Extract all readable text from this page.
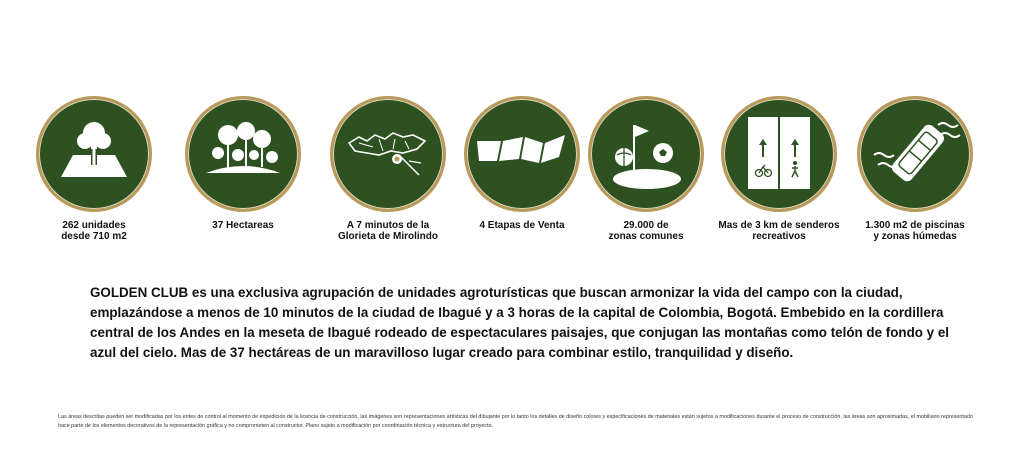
262 unidades
desde 710 m2
37 Hectareas	A 7 minutos de la
Glorieta de Mirolindo
4 Etapas de Venta	29.000 de
zonas comunes
Mas de 3 km de senderos
recreativos
1.300 m2 de piscinas
y zonas húmedas
GOLDEN CLUB es una exclusiva agrupación de unidades agroturísticas que buscan armonizar la vida del campo con la ciudad, emplazándose a menos de 10 minutos de la ciudad de Ibagué y a 3 horas de la capital de Colombia, Bogotá. Embebido en la cordillera central de los Andes en la meseta de Ibagué rodeado de espectaculares paisajes, que conjugan las montañas como telón de fondo y el azul del cielo. Mas de 37 hectáreas de un maravilloso lugar creado para combinar estilo, tranquilidad y diseño.
Las áreas descritas pueden ser modificadas por los entes de control al momento de expedición de la licencia de construcción, las imágenes son representaciones artísticas del dibujante por lo tanto los detalles de diseño colores y especificaciones de materiales están sujetos a modificaciones durante el proceso de construcción, las áreas son aproximadas, el mobiliario representado hace parte de los elementos decorativos de la representación gráfica y no comprometen al constructor. Plano sujeto a modificación por coordinación técnica y estructura del proyecto.
